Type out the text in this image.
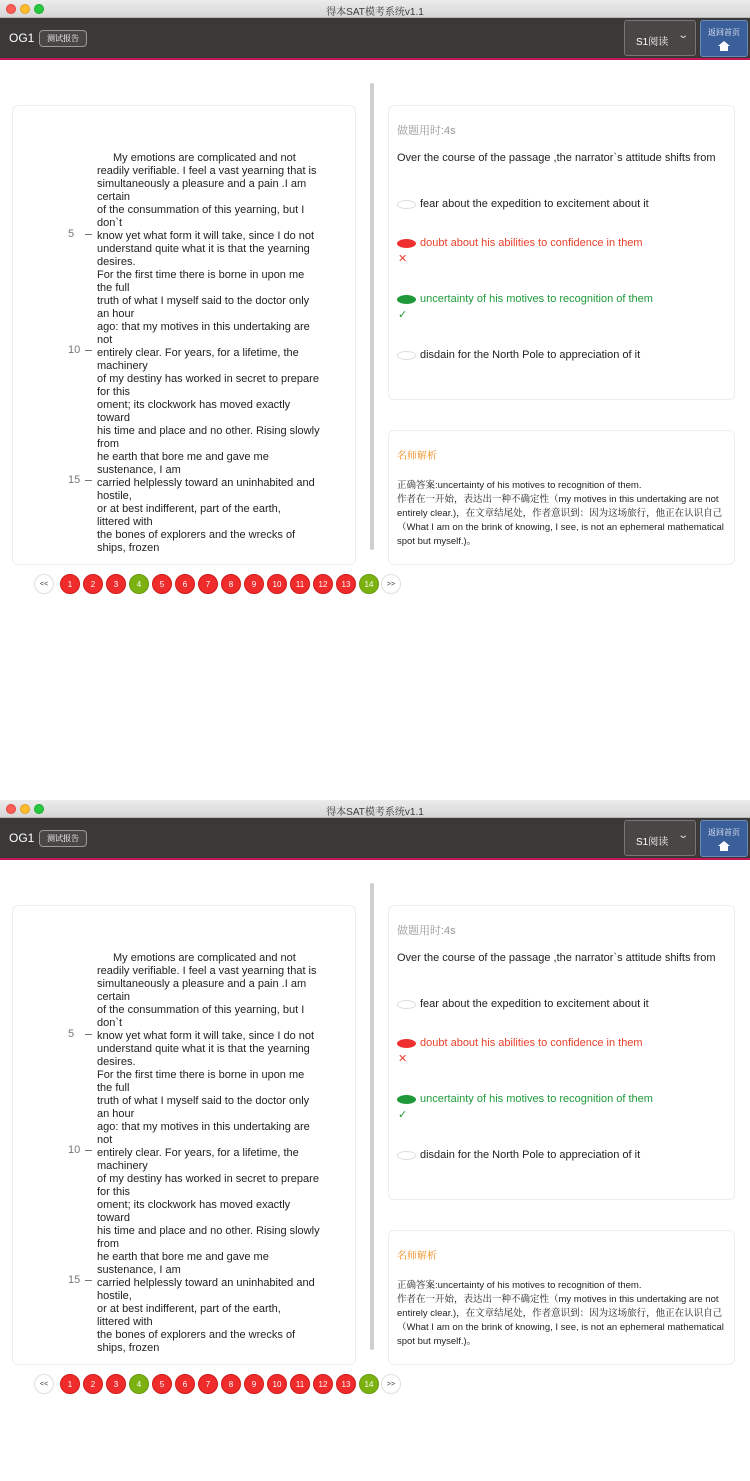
得本SAT模考系统v1.1
OG1	测试报告	S1阅读
⌄	返回首页
My emotions are complicated and not
readily verifiable. I feel a vast yearning that is
simultaneously a pleasure and a pain .I am
certain
of the consummation of this yearning, but I
don`t
know yet what form it will take, since I do not
understand quite what it is that the yearning
desires.
For the first time there is borne in upon me
the full
truth of what I myself said to the doctor only
an hour
ago: that my motives in this undertaking are
not
entirely clear. For years, for a lifetime, the
machinery
of my destiny has worked in secret to prepare
for this
oment; its clockwork has moved exactly
toward
his time and place and no other. Rising slowly
from
he earth that bore me and gave me
sustenance, I am
carried helplessly toward an uninhabited and
hostile,
or at best indifferent, part of the earth,
littered with
the bones of explorers and the wrecks of
ships, frozen
5
10
15
做题用时:4s
Over the course of the passage ,the narrator`s attitude shifts from
fear about the expedition to excitement about it
doubt about his abilities to confidence in them
✕
uncertainty of his motives to recognition of them
✓
disdain for the North Pole to appreciation of it
名师解析
正确答案:uncertainty of his motives to recognition of them.
作者在一开始，表达出一种不确定性（my motives in this undertaking are not entirely clear.)，在文章结尾处，作者意识到：因为这场旅行，他正在认识自己（What I am on the brink of knowing, I see, is not an ephemeral mathematical spot but myself.)。
<<	1	2	3	4	5	6	7	8	9	10	11	12	13	14	>>
得本SAT模考系统v1.1
OG1	测试报告	S1阅读
⌄	返回首页
My emotions are complicated and not
readily verifiable. I feel a vast yearning that is
simultaneously a pleasure and a pain .I am
certain
of the consummation of this yearning, but I
don`t
know yet what form it will take, since I do not
understand quite what it is that the yearning
desires.
For the first time there is borne in upon me
the full
truth of what I myself said to the doctor only
an hour
ago: that my motives in this undertaking are
not
entirely clear. For years, for a lifetime, the
machinery
of my destiny has worked in secret to prepare
for this
oment; its clockwork has moved exactly
toward
his time and place and no other. Rising slowly
from
he earth that bore me and gave me
sustenance, I am
carried helplessly toward an uninhabited and
hostile,
or at best indifferent, part of the earth,
littered with
the bones of explorers and the wrecks of
ships, frozen
5
10
15
做题用时:4s
Over the course of the passage ,the narrator`s attitude shifts from
fear about the expedition to excitement about it
doubt about his abilities to confidence in them
✕
uncertainty of his motives to recognition of them
✓
disdain for the North Pole to appreciation of it
名师解析
正确答案:uncertainty of his motives to recognition of them.
作者在一开始，表达出一种不确定性（my motives in this undertaking are not entirely clear.)，在文章结尾处，作者意识到：因为这场旅行，他正在认识自己（What I am on the brink of knowing, I see, is not an ephemeral mathematical spot but myself.)。
<<	1	2	3	4	5	6	7	8	9	10	11	12	13	14	>>
